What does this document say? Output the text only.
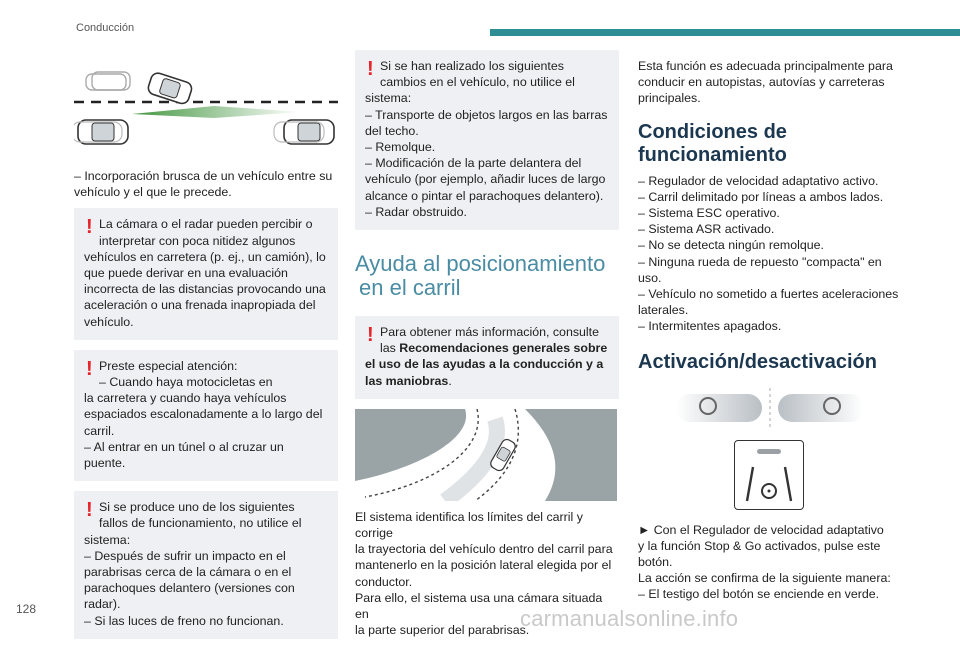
Conducción

– Incorporación brusca de un vehículo entre su
vehículo y el que le precede.

! La cámara o el radar pueden percibir o
interpretar con poca nitidez algunos
vehículos en carretera (p. ej., un camión), lo
que puede derivar en una evaluación
incorrecta de las distancias provocando una
aceleración o una frenada inapropiada del
vehículo.
! Preste especial atención:
– Cuando haya motocicletas en
la carretera y cuando haya vehículos
espaciados escalonadamente a lo largo del
carril.
– Al entrar en un túnel o al cruzar un puente.
! Si se produce uno de los siguientes
fallos de funcionamiento, no utilice el
sistema:
– Después de sufrir un impacto en el
parabrisas cerca de la cámara o en el
parachoques delantero (versiones con radar).
– Si las luces de freno no funcionan.
! Si se han realizado los siguientes
cambios en el vehículo, no utilice el
sistema:
– Transporte de objetos largos en las barras
del techo.
– Remolque.
– Modificación de la parte delantera del
vehículo (por ejemplo, añadir luces de largo
alcance o pintar el parachoques delantero).
– Radar obstruido.
Ayuda al posicionamiento
en el carril
! Para obtener más información, consulte
las Recomendaciones generales sobre
el uso de las ayudas a la conducción y a
las maniobras.

El sistema identifica los límites del carril y corrige
la trayectoria del vehículo dentro del carril para
mantenerlo en la posición lateral elegida por el
conductor.
Para ello, el sistema usa una cámara situada en
la parte superior del parabrisas.

Esta función es adecuada principalmente para
conducir en autopistas, autovías y carreteras
principales.

Condiciones de
funcionamiento

– Regulador de velocidad adaptativo activo.
– Carril delimitado por líneas a ambos lados.
– Sistema ESC operativo.
– Sistema ASR activado.
– No se detecta ningún remolque.
– Ninguna rueda de repuesto "compacta" en
uso.
– Vehículo no sometido a fuertes aceleraciones
laterales.
– Intermitentes apagados.

Activación/desactivación

► Con el Regulador de velocidad adaptativo
y la función Stop & Go activados, pulse este
botón.
La acción se confirma de la siguiente manera:
– El testigo del botón se enciende en verde.

128	carmanualsonline.info
